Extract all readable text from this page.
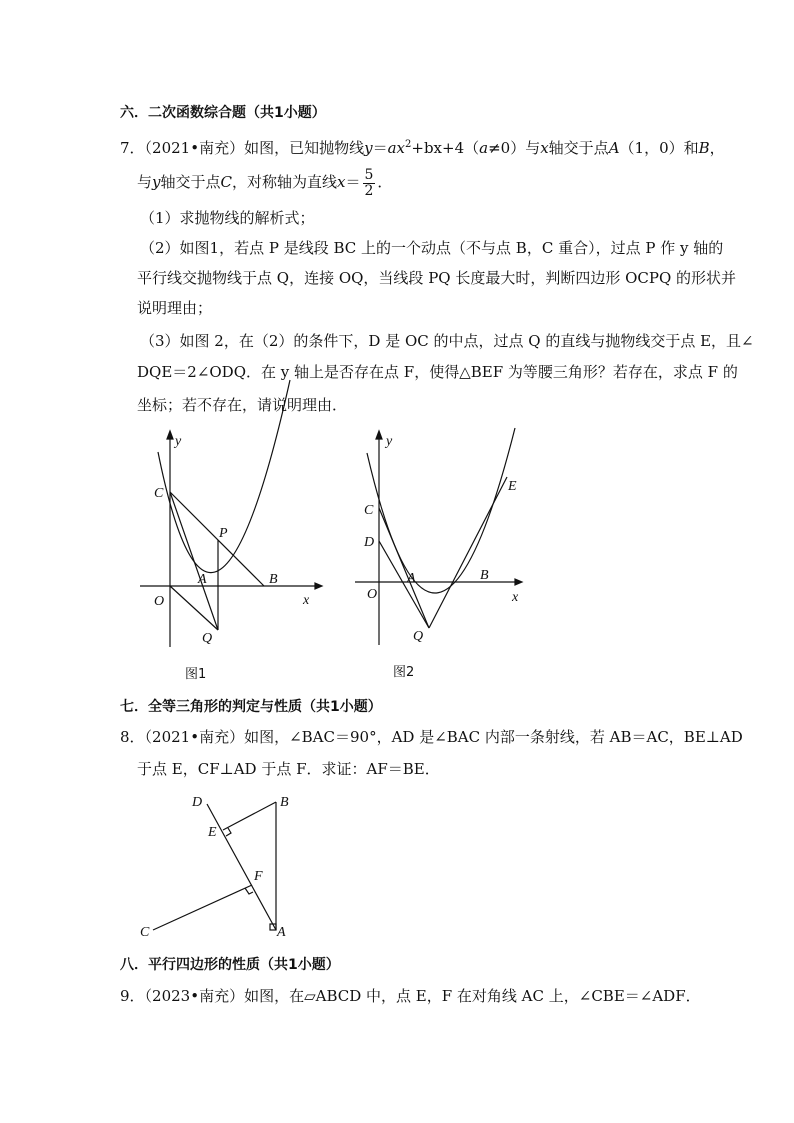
六．二次函数综合题（共1小题）
7．（2021•南充）如图，已知抛物线$y=ax^2+bx+4(a\ne 0)$与x轴交于点A（1，0）和B，
与y轴交于点C，对称轴为直线$x= \frac{5}{2}$ ．
（1）求抛物线的解析式；
（2）如图1，若点 P 是线段 BC 上的一个动点（不与点 B，C 重合），过点 P 作 y 轴的
平行线交抛物线于点 Q，连接 OQ，当线段 PQ 长度最大时，判断四边形 OCPQ 的形状并
说明理由；
（3）如图 2，在（2）的条件下，D 是 OC 的中点，过点 Q 的直线与抛物线交于点 E，且∠
DQE＝2∠ODQ．在 y 轴上是否存在点 F，使得△BEF 为等腰三角形？若存在，求点 F 的
坐标；若不存在，请说明理由．
y
x
O
C
P
A	B
Q
图1
y
x
O
C
D
A	B
E
Q
图2
七．全等三角形的判定与性质（共1小题）
8．（2021•南充）如图，∠BAC＝90°，AD 是∠BAC 内部一条射线，若 AB＝AC，BE⊥AD
于点 E，CF⊥AD 于点 F．求证：AF＝BE．
D	B
E
F
C	A
八．平行四边形的性质（共1小题）
9．（2023•南充）如图，在▱ABCD 中，点 E，F 在对角线 AC 上，∠CBE＝∠ADF．
